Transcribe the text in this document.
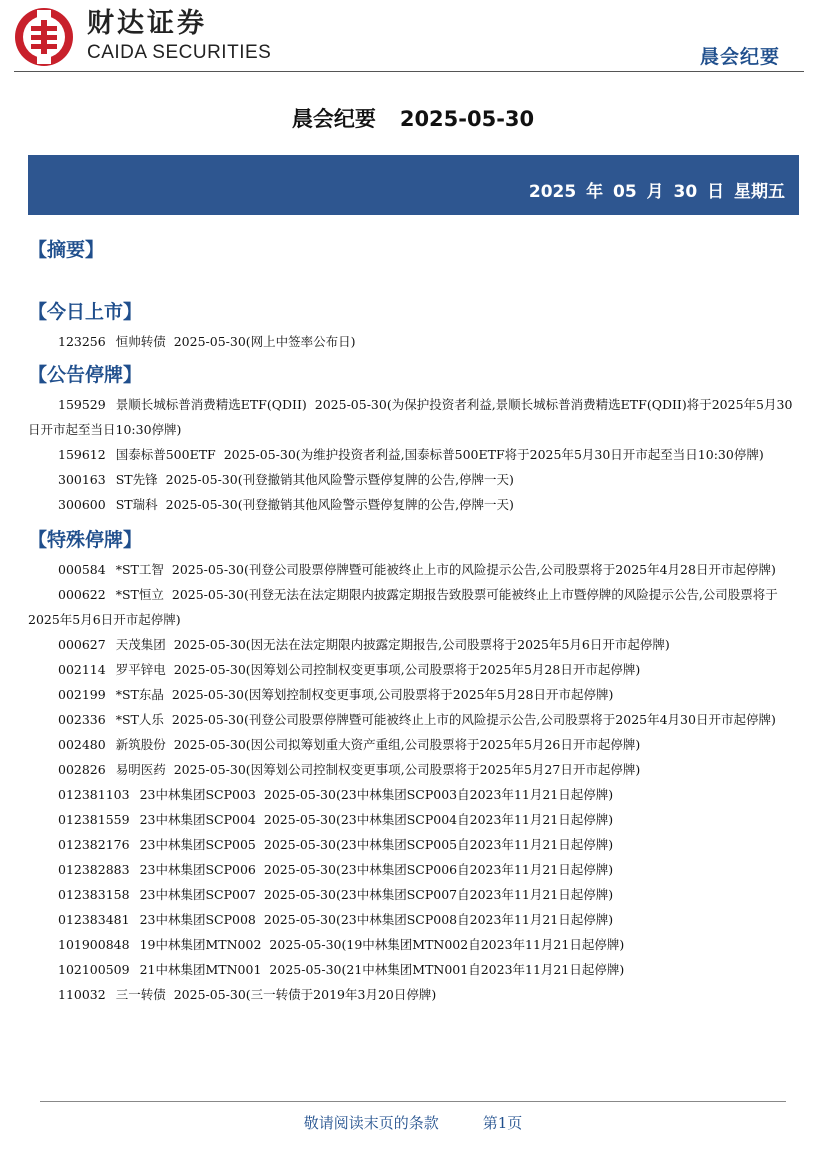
财达证券
CAIDA SECURITIES	晨会纪要
晨会纪要 2025-05-30
2025 年 05 月 30 日 星期五
【摘要】
【今日上市】

123256 恒帅转债 2025-05-30(网上中签率公布日)

【公告停牌】

159529 景顺长城标普消费精选ETF(QDII) 2025-05-30(为保护投资者利益,景顺长城标普消费精选ETF(QDII)将于2025年5月30日开市起至当日10:30停牌)

159612 国泰标普500ETF 2025-05-30(为维护投资者利益,国泰标普500ETF将于2025年5月30日开市起至当日10:30停牌)

300163 ST先锋 2025-05-30(刊登撤销其他风险警示暨停复牌的公告,停牌一天)

300600 ST瑞科 2025-05-30(刊登撤销其他风险警示暨停复牌的公告,停牌一天)

【特殊停牌】

000584 *ST工智 2025-05-30(刊登公司股票停牌暨可能被终止上市的风险提示公告,公司股票将于2025年4月28日开市起停牌)

000622 *ST恒立 2025-05-30(刊登无法在法定期限内披露定期报告致股票可能被终止上市暨停牌的风险提示公告,公司股票将于2025年5月6日开市起停牌)

000627 天茂集团 2025-05-30(因无法在法定期限内披露定期报告,公司股票将于2025年5月6日开市起停牌)

002114 罗平锌电 2025-05-30(因筹划公司控制权变更事项,公司股票将于2025年5月28日开市起停牌)

002199 *ST东晶 2025-05-30(因筹划控制权变更事项,公司股票将于2025年5月28日开市起停牌)

002336 *ST人乐 2025-05-30(刊登公司股票停牌暨可能被终止上市的风险提示公告,公司股票将于2025年4月30日开市起停牌)

002480 新筑股份 2025-05-30(因公司拟筹划重大资产重组,公司股票将于2025年5月26日开市起停牌)

002826 易明医药 2025-05-30(因筹划公司控制权变更事项,公司股票将于2025年5月27日开市起停牌)

012381103 23中林集团SCP003 2025-05-30(23中林集团SCP003自2023年11月21日起停牌)

012381559 23中林集团SCP004 2025-05-30(23中林集团SCP004自2023年11月21日起停牌)

012382176 23中林集团SCP005 2025-05-30(23中林集团SCP005自2023年11月21日起停牌)

012382883 23中林集团SCP006 2025-05-30(23中林集团SCP006自2023年11月21日起停牌)

012383158 23中林集团SCP007 2025-05-30(23中林集团SCP007自2023年11月21日起停牌)

012383481 23中林集团SCP008 2025-05-30(23中林集团SCP008自2023年11月21日起停牌)

101900848 19中林集团MTN002 2025-05-30(19中林集团MTN002自2023年11月21日起停牌)

102100509 21中林集团MTN001 2025-05-30(21中林集团MTN001自2023年11月21日起停牌)

110032 三一转债 2025-05-30(三一转债于2019年3月20日停牌)

敬请阅读末页的条款	第1页
